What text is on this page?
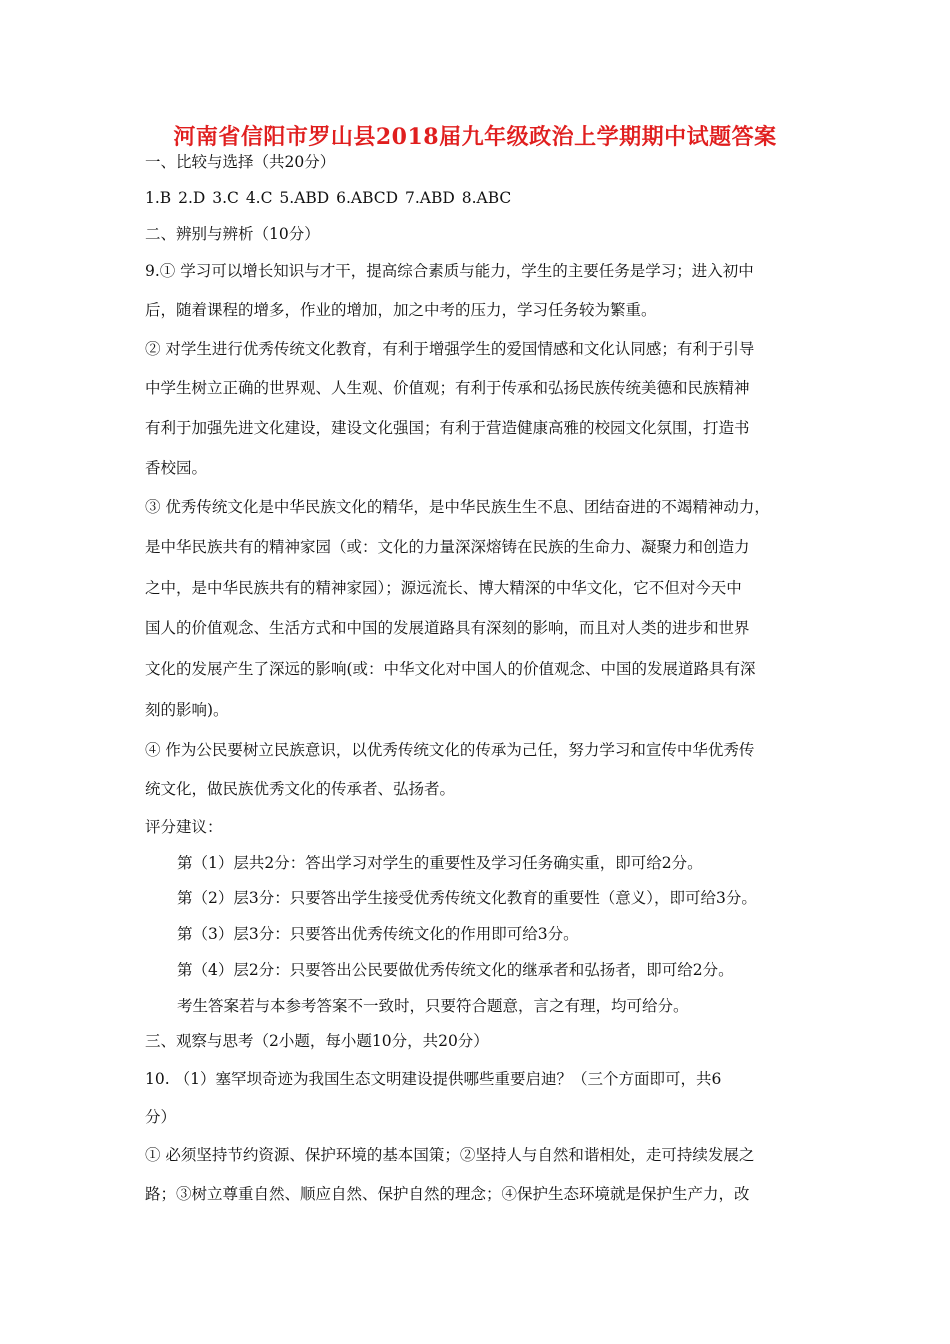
河南省信阳市罗山县2018届九年级政治上学期期中试题答案
一、比较与选择（共20分）
1.B 2.D 3.C 4.C 5.ABD 6.ABCD 7.ABD 8.ABC
二、辨别与辨析（10分）
9.① 学习可以增长知识与才干，提高综合素质与能力，学生的主要任务是学习；进入初中
后，随着课程的增多，作业的增加，加之中考的压力，学习任务较为繁重。
② 对学生进行优秀传统文化教育，有利于增强学生的爱国情感和文化认同感；有利于引导
中学生树立正确的世界观、人生观、价值观；有利于传承和弘扬民族传统美德和民族精神
有利于加强先进文化建设，建设文化强国；有利于营造健康高雅的校园文化氛围，打造书
香校园。
③ 优秀传统文化是中华民族文化的精华，是中华民族生生不息、团结奋进的不竭精神动力，
是中华民族共有的精神家园（或：文化的力量深深熔铸在民族的生命力、凝聚力和创造力
之中，是中华民族共有的精神家园）；源远流长、博大精深的中华文化，它不但对今天中
国人的价值观念、生活方式和中国的发展道路具有深刻的影响，而且对人类的进步和世界
文化的发展产生了深远的影响(或：中华文化对中国人的价值观念、中国的发展道路具有深
刻的影响)。
④ 作为公民要树立民族意识，以优秀传统文化的传承为己任，努力学习和宣传中华优秀传
统文化，做民族优秀文化的传承者、弘扬者。
评分建议：
第（1）层共2分：答出学习对学生的重要性及学习任务确实重，即可给2分。
第（2）层3分：只要答出学生接受优秀传统文化教育的重要性（意义），即可给3分。
第（3）层3分：只要答出优秀传统文化的作用即可给3分。
第（4）层2分：只要答出公民要做优秀传统文化的继承者和弘扬者，即可给2分。
考生答案若与本参考答案不一致时，只要符合题意，言之有理，均可给分。
三、观察与思考（2小题，每小题10分，共20分）
10. （1）塞罕坝奇迹为我国生态文明建设提供哪些重要启迪？（三个方面即可，共6
分）
① 必须坚持节约资源、保护环境的基本国策；②坚持人与自然和谐相处，走可持续发展之
路；③树立尊重自然、顺应自然、保护自然的理念；④保护生态环境就是保护生产力，改
